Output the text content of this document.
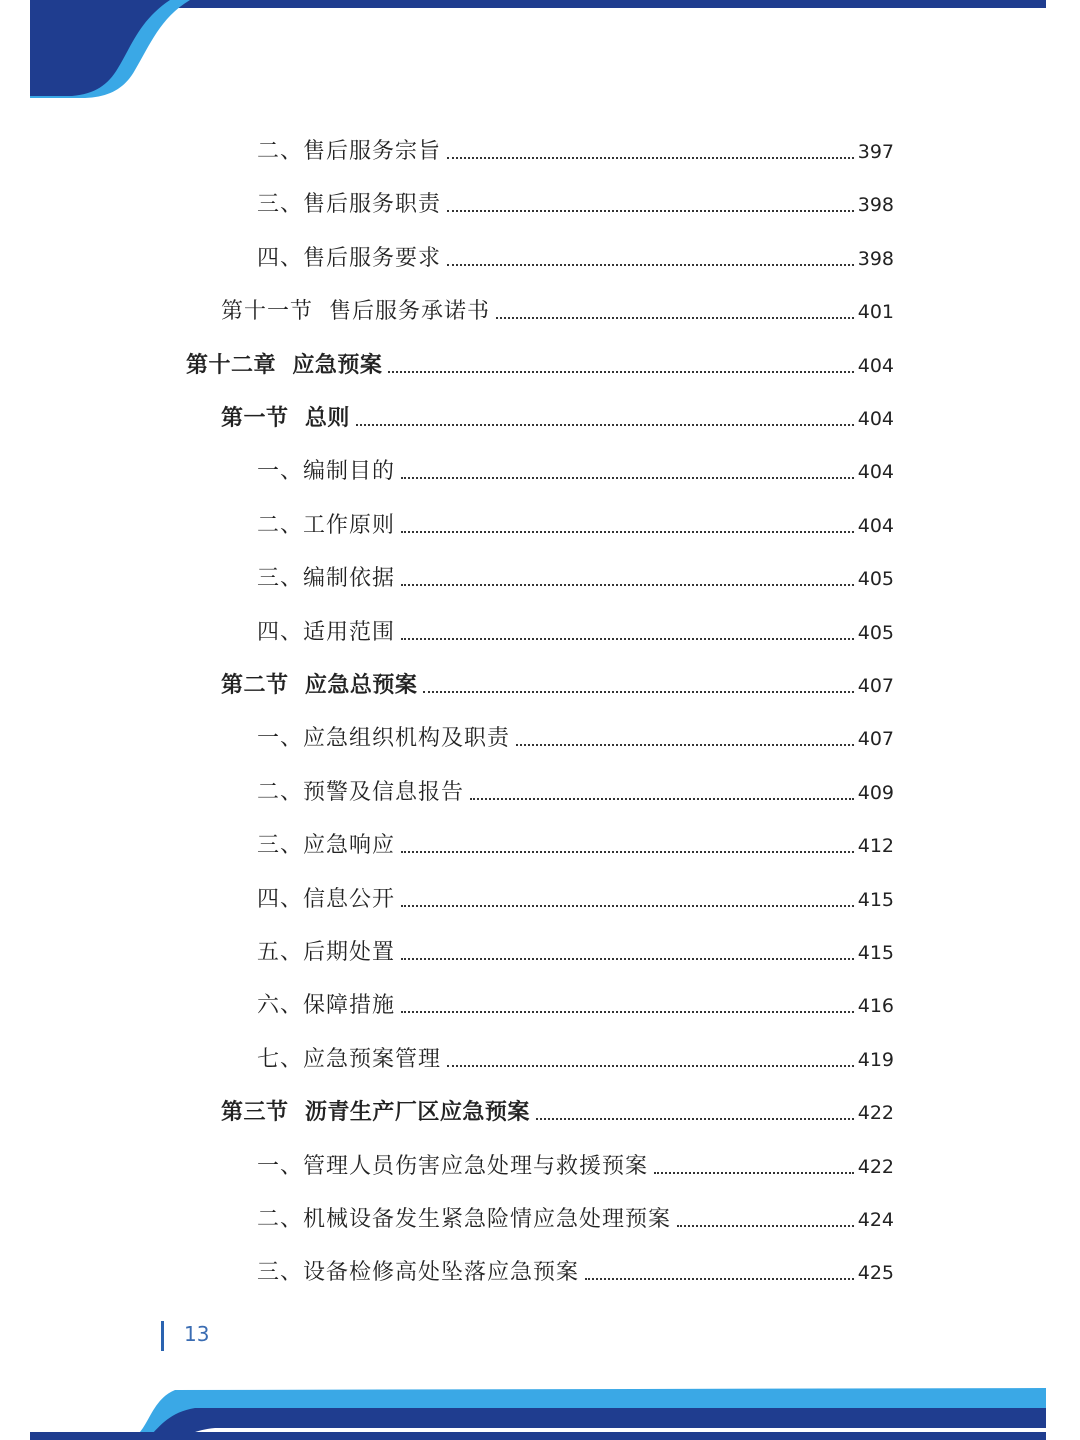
二、售后服务宗旨	397
三、售后服务职责	398
四、售后服务要求	398
第十一节  售后服务承诺书	401
第十二章  应急预案	404
第一节  总则	404
一、编制目的	404
二、工作原则	404
三、编制依据	405
四、适用范围	405
第二节  应急总预案	407
一、应急组织机构及职责	407
二、预警及信息报告	409
三、应急响应	412
四、信息公开	415
五、后期处置	415
六、保障措施	416
七、应急预案管理	419
第三节  沥青生产厂区应急预案	422
一、管理人员伤害应急处理与救援预案	422
二、机械设备发生紧急险情应急处理预案	424
三、设备检修高处坠落应急预案	425
13
